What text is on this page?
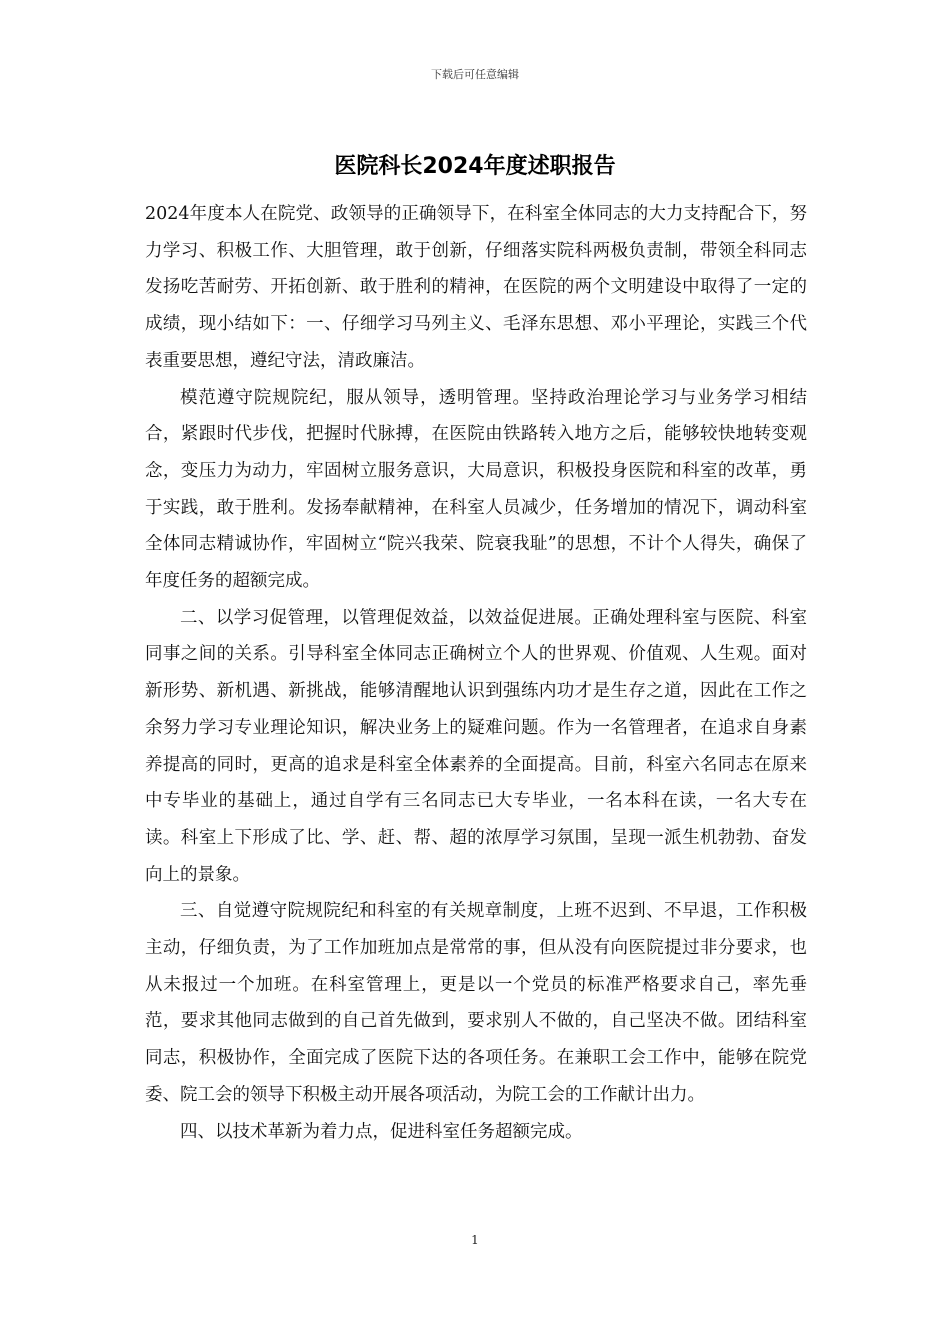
下载后可任意编辑
医院科长2024年度述职报告

2024年度本人在院党、政领导的正确领导下，在科室全体同志的大力支持配合下，努力学习、积极工作、大胆管理，敢于创新，仔细落实院科两极负责制，带领全科同志发扬吃苦耐劳、开拓创新、敢于胜利的精神，在医院的两个文明建设中取得了一定的成绩，现小结如下：一、仔细学习马列主义、毛泽东思想、邓小平理论，实践三个代表重要思想，遵纪守法，清政廉洁。

模范遵守院规院纪，服从领导，透明管理。坚持政治理论学习与业务学习相结合，紧跟时代步伐，把握时代脉搏，在医院由铁路转入地方之后，能够较快地转变观念，变压力为动力，牢固树立服务意识，大局意识，积极投身医院和科室的改革，勇于实践，敢于胜利。发扬奉献精神，在科室人员减少，任务增加的情况下，调动科室全体同志精诚协作，牢固树立“院兴我荣、院衰我耻”的思想，不计个人得失，确保了年度任务的超额完成。

二、以学习促管理，以管理促效益，以效益促进展。正确处理科室与医院、科室同事之间的关系。引导科室全体同志正确树立个人的世界观、价值观、人生观。面对新形势、新机遇、新挑战，能够清醒地认识到强练内功才是生存之道，因此在工作之余努力学习专业理论知识，解决业务上的疑难问题。作为一名管理者，在追求自身素养提高的同时，更高的追求是科室全体素养的全面提高。目前，科室六名同志在原来中专毕业的基础上，通过自学有三名同志已大专毕业，一名本科在读，一名大专在读。科室上下形成了比、学、赶、帮、超的浓厚学习氛围，呈现一派生机勃勃、奋发向上的景象。

三、自觉遵守院规院纪和科室的有关规章制度，上班不迟到、不早退，工作积极主动，仔细负责，为了工作加班加点是常常的事，但从没有向医院提过非分要求，也从未报过一个加班。在科室管理上，更是以一个党员的标准严格要求自己，率先垂范，要求其他同志做到的自己首先做到，要求别人不做的，自己坚决不做。团结科室同志，积极协作，全面完成了医院下达的各项任务。在兼职工会工作中，能够在院党委、院工会的领导下积极主动开展各项活动，为院工会的工作献计出力。

四、以技术革新为着力点，促进科室任务超额完成。

1
